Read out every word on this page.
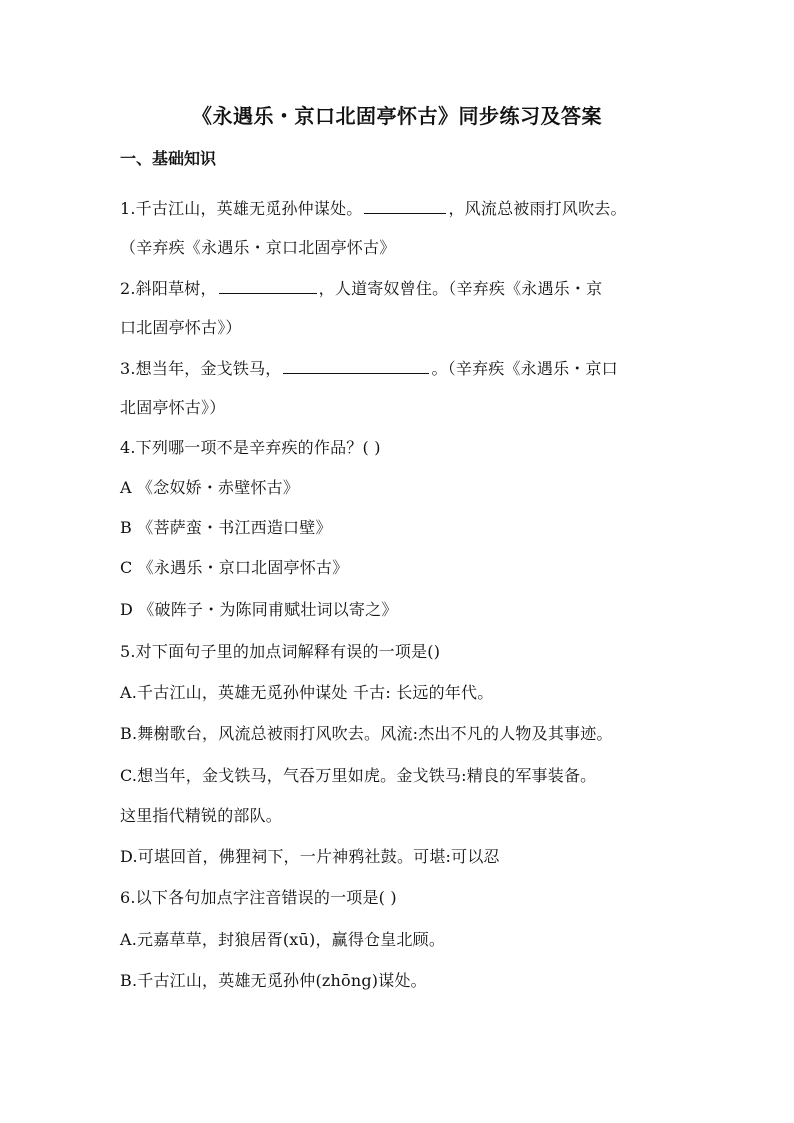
《永遇乐・京口北固亭怀古》同步练习及答案
一、基础知识
1.千古江山，英雄无觅孙仲谋处。	，风流总被雨打风吹去。
（辛弃疾《永遇乐・京口北固亭怀古》
2.斜阳草树，	，人道寄奴曾住。（辛弃疾《永遇乐・京
口北固亭怀古》）
3.想当年，金戈铁马，	。（辛弃疾《永遇乐・京口
北固亭怀古》）
4.下列哪一项不是辛弃疾的作品？( )
A 《念奴娇・赤壁怀古》
B 《菩萨蛮・书江西造口壁》
C 《永遇乐・京口北固亭怀古》
D 《破阵子・为陈同甫赋壮词以寄之》
5.对下面句子里的加点词解释有误的一项是()
A.千古江山，英雄无觅孙仲谋处 千古: 长远的年代。
B.舞榭歌台，风流总被雨打风吹去。风流:杰出不凡的人物及其事迹。
C.想当年，金戈铁马，气吞万里如虎。金戈铁马:精良的军事装备。
这里指代精锐的部队。
D.可堪回首，佛狸祠下，一片神鸦社鼓。可堪:可以忍
6.以下各句加点字注音错误的一项是( )
A.元嘉草草，封狼居胥(xū)，赢得仓皇北顾。
B.千古江山，英雄无觅孙仲(zhōng)谋处。
